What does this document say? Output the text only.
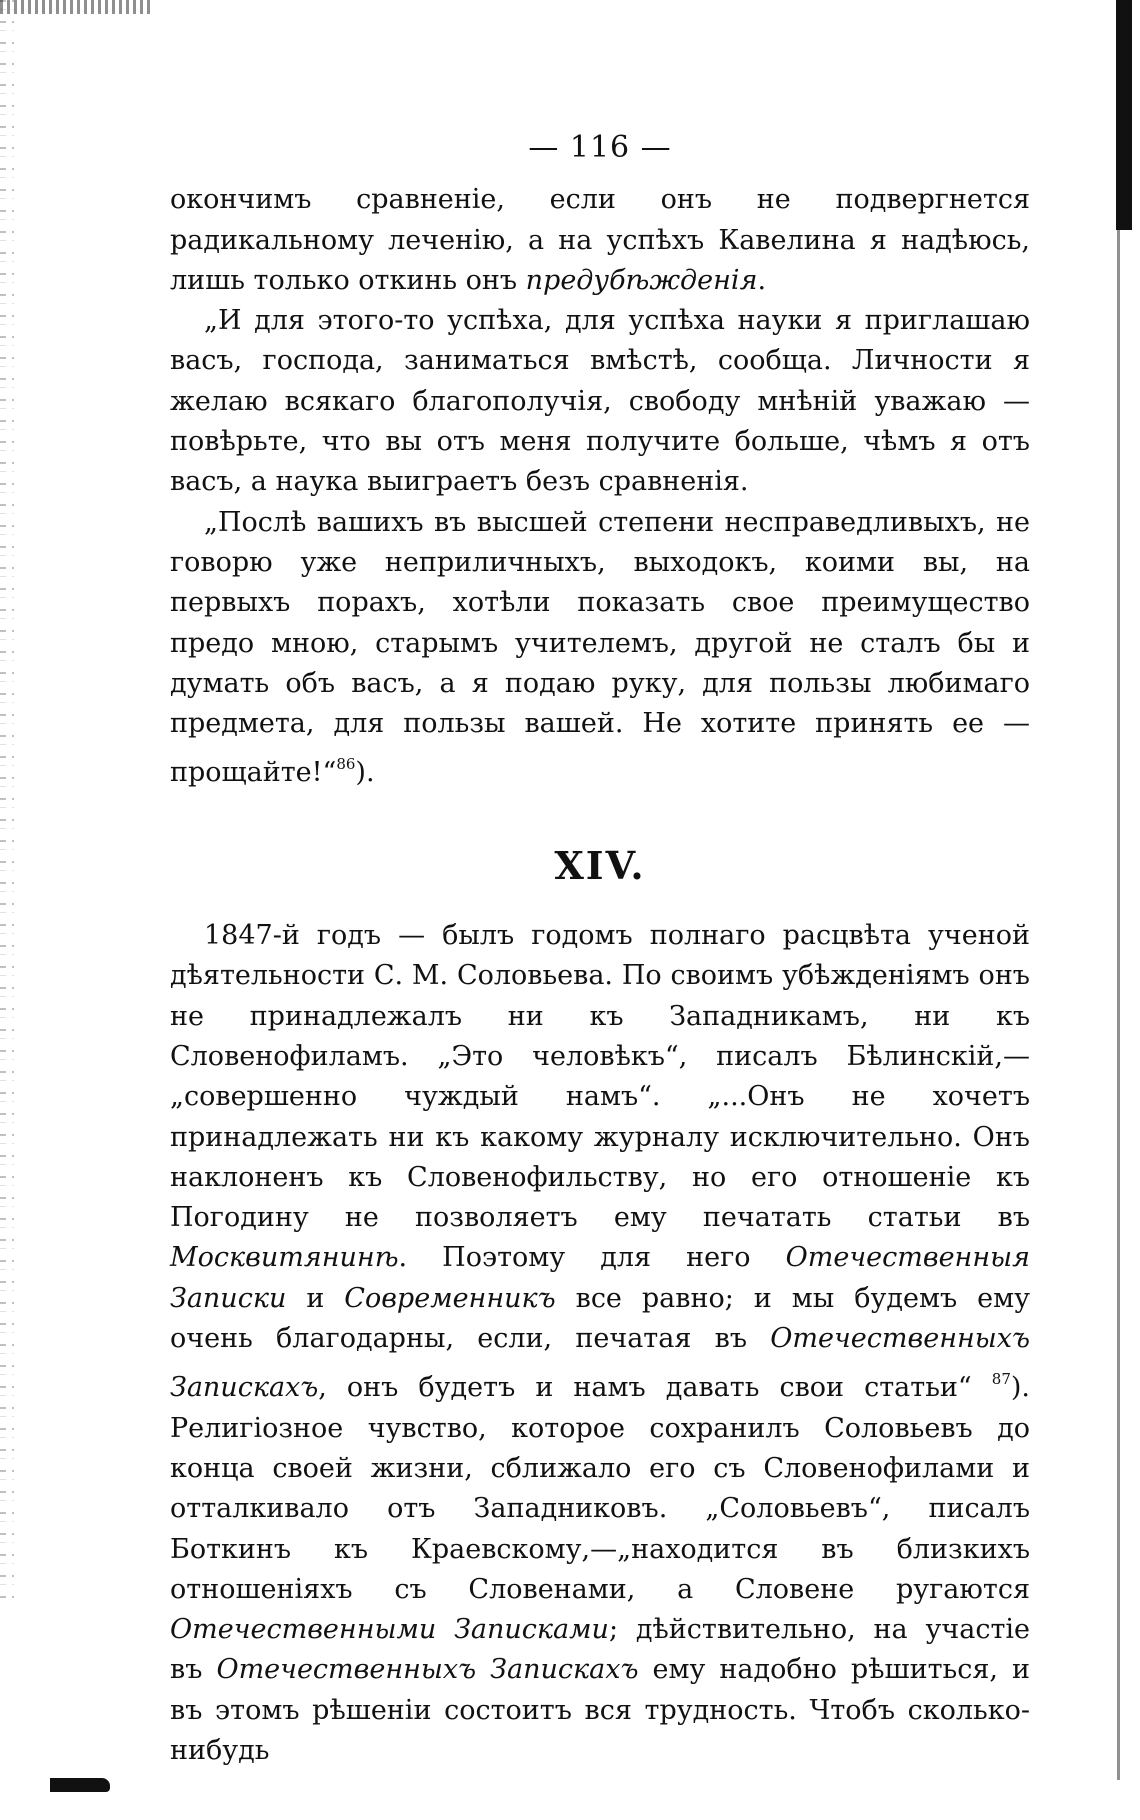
— 116 —

окончимъ сравненіе, если онъ не подвергнется радикальному леченію, а на успѣхъ Кавелина я надѣюсь, лишь только откинь онъ предубѣжденія.

„И для этого-то успѣха, для успѣха науки я приглашаю васъ, господа, заниматься вмѣстѣ, сообща. Личности я желаю всякаго благополучія, свободу мнѣній уважаю — повѣрьте, что вы отъ меня получите больше, чѣмъ я отъ васъ, а наука выиграетъ безъ сравненія.

„Послѣ вашихъ въ высшей степени несправедливыхъ, не говорю уже неприличныхъ, выходокъ, коими вы, на первыхъ порахъ, хотѣли показать свое преимущество предо мною, старымъ учителемъ, другой не сталъ бы и думать объ васъ, а я подаю руку, для пользы любимаго предмета, для пользы вашей. Не хотите принять ее — прощайте!“$^{86}$).

XIV.

1847-й годъ — былъ годомъ полнаго расцвѣта ученой дѣятельности С. М. Соловьева. По своимъ убѣжденіямъ онъ не принадлежалъ ни къ Западникамъ, ни къ Словенофиламъ. „Это человѣкъ“, писалъ Бѣлинскій,—„совершенно чуждый намъ“. „...Онъ не хочетъ принадлежать ни къ какому журналу исключительно. Онъ наклоненъ къ Словенофильству, но его отношеніе къ Погодину не позволяетъ ему печатать статьи въ Москвитянинѣ. Поэтому для него Отечественныя Записки и Современникъ все равно; и мы будемъ ему очень благодарны, если, печатая въ Отечественныхъ Запискахъ, онъ будетъ и намъ давать свои статьи“ $^{87}$). Религіозное чувство, которое сохранилъ Соловьевъ до конца своей жизни, сближало его съ Словенофилами и отталкивало отъ Западниковъ. „Соловьевъ“, писалъ Боткинъ къ Краевскому,—„находится въ близкихъ отношеніяхъ съ Словенами, а Словене ругаются Отечественными Записками; дѣйствительно, на участіе въ Отечественныхъ Запискахъ ему надобно рѣшиться, и въ этомъ рѣшеніи состоитъ вся трудность. Чтобъ сколько-нибудь
